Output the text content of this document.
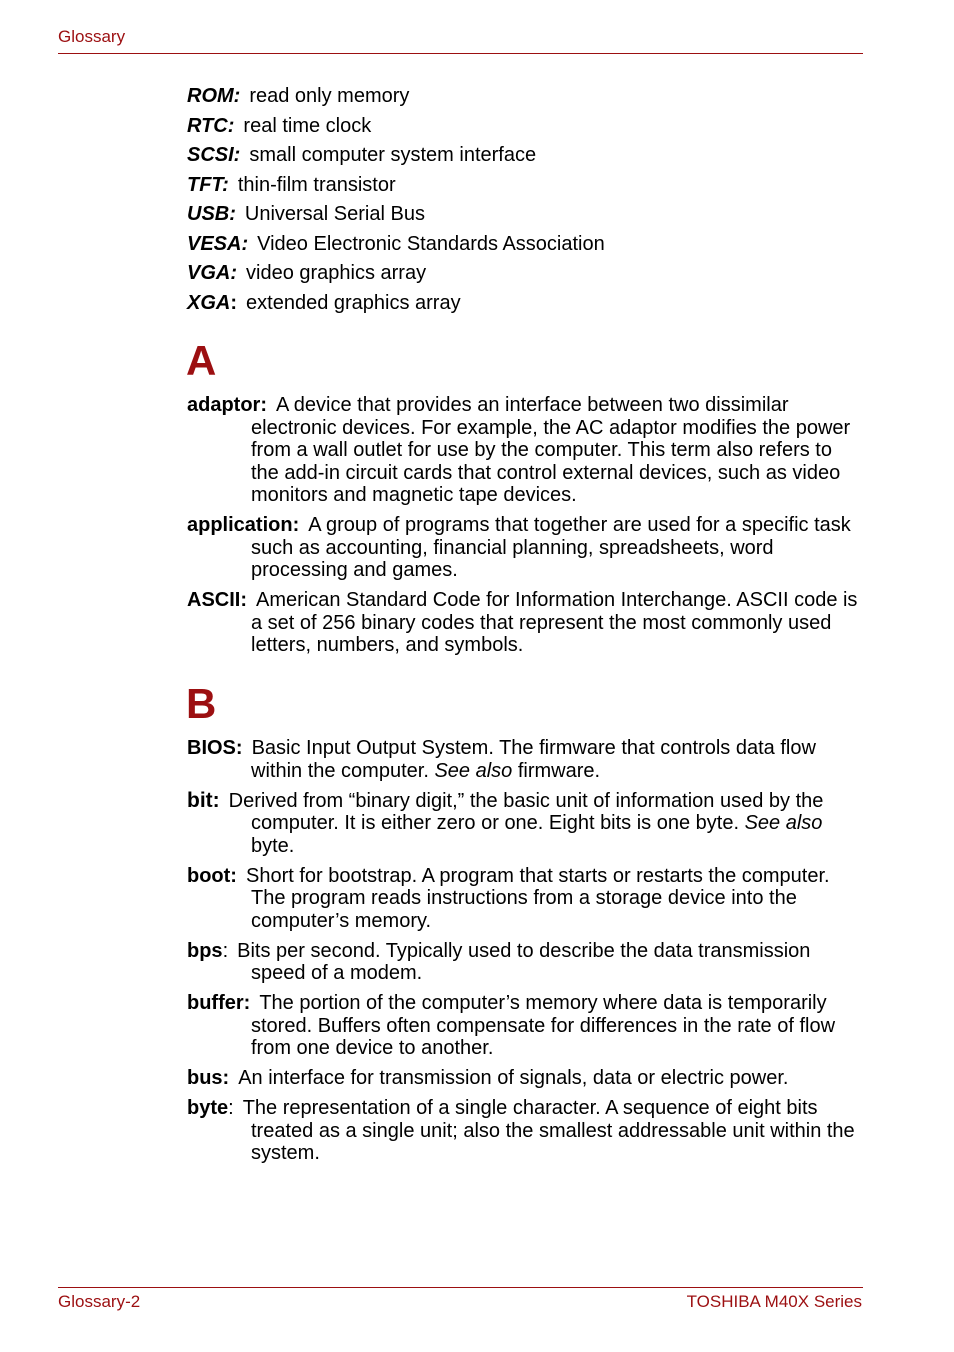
Glossary
ROM: read only memory
RTC: real time clock
SCSI: small computer system interface
TFT: thin-film transistor
USB: Universal Serial Bus
VESA: Video Electronic Standards Association
VGA: video graphics array
XGA: extended graphics array
A
adaptor: A device that provides an interface between two dissimilar electronic devices. For example, the AC adaptor modifies the power from a wall outlet for use by the computer. This term also refers to the add-in circuit cards that control external devices, such as video monitors and magnetic tape devices.
application: A group of programs that together are used for a specific task such as accounting, financial planning, spreadsheets, word processing and games.
ASCII: American Standard Code for Information Interchange. ASCII code is a set of 256 binary codes that represent the most commonly used letters, numbers, and symbols.
B
BIOS: Basic Input Output System. The firmware that controls data flow within the computer. See also firmware.
bit: Derived from “binary digit,” the basic unit of information used by the computer. It is either zero or one. Eight bits is one byte. See also byte.
boot: Short for bootstrap. A program that starts or restarts the computer. The program reads instructions from a storage device into the computer’s memory.
bps: Bits per second. Typically used to describe the data transmission speed of a modem.
buffer: The portion of the computer’s memory where data is temporarily stored. Buffers often compensate for differences in the rate of flow from one device to another.
bus: An interface for transmission of signals, data or electric power.
byte: The representation of a single character. A sequence of eight bits treated as a single unit; also the smallest addressable unit within the system.
Glossary-2	TOSHIBA M40X Series
